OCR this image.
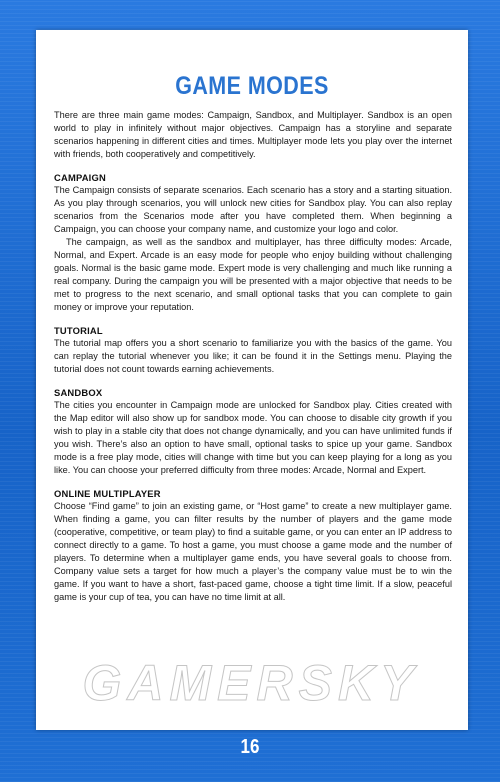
GAME MODES

There are three main game modes: Campaign, Sandbox, and Multiplayer. Sandbox is an open world to play in infinitely without major objectives. Campaign has a storyline and separate scenarios happening in different cities and times. Multiplayer mode lets you play over the internet with friends, both cooperatively and competitively.

CAMPAIGN

The Campaign consists of separate scenarios. Each scenario has a story and a starting situation. As you play through scenarios, you will unlock new cities for Sandbox play. You can also replay scenarios from the Scenarios mode after you have completed them. When beginning a Campaign, you can choose your company name, and customize your logo and color.

The campaign, as well as the sandbox and multiplayer, has three difficulty modes: Arcade, Normal, and Expert. Arcade is an easy mode for people who enjoy building without challenging goals. Normal is the basic game mode. Expert mode is very challenging and much like running a real company. During the campaign you will be presented with a major objective that needs to be met to progress to the next scenario, and small optional tasks that you can complete to gain money or improve your reputation.

TUTORIAL

The tutorial map offers you a short scenario to familiarize you with the basics of the game. You can replay the tutorial whenever you like; it can be found it in the Settings menu. Playing the tutorial does not count towards earning achievements.

SANDBOX

The cities you encounter in Campaign mode are unlocked for Sandbox play. Cities created with the Map editor will also show up for sandbox mode. You can choose to disable city growth if you wish to play in a stable city that does not change dynamically, and you can have unlimited funds if you wish. There’s also an option to have small, optional tasks to spice up your game. Sandbox mode is a free play mode, cities will change with time but you can keep playing for a long as you like. You can choose your preferred difficulty from three modes: Arcade, Normal and Expert.

ONLINE MULTIPLAYER

Choose “Find game” to join an existing game, or “Host game” to create a new multiplayer game. When finding a game, you can filter results by the number of players and the game mode (cooperative, competitive, or team play) to find a suitable game, or you can enter an IP address to connect directly to a game. To host a game, you must choose a game mode and the number of players. To determine when a multiplayer game ends, you have several goals to choose from. Company value sets a target for how much a player’s the company value must be to win the game. If you want to have a short, fast-paced game, choose a tight time limit. If a slow, peaceful game is your cup of tea, you can have no time limit at all.

GAMERSKY
16
